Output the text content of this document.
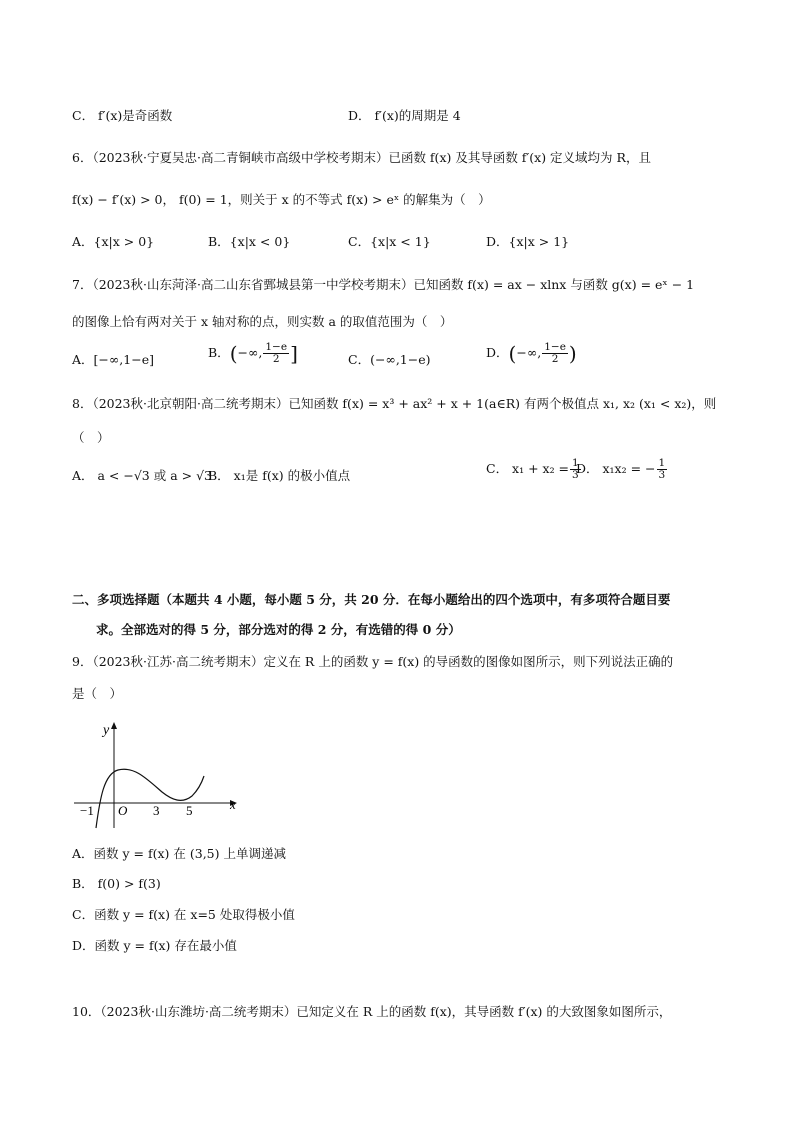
C． f′(x)是奇函数	D． f′(x)的周期是 4
6．（2023秋·宁夏吴忠·高二青铜峡市高级中学校考期末）已函数 f(x) 及其导函数 f′(x) 定义域均为 R，且
f(x) − f′(x) > 0， f(0) = 1，则关于 x 的不等式 f(x) > eˣ 的解集为（　）
A．{x|x > 0}	B．{x|x < 0}	C．{x|x < 1}	D．{x|x > 1}
7．（2023秋·山东菏泽·高二山东省鄄城县第一中学校考期末）已知函数 f(x) = ax − xlnx 与函数 g(x) = eˣ − 1
的图像上恰有两对关于 x 轴对称的点，则实数 a 的取值范围为（　）
A．[−∞,1−e]	B．(−∞, $\frac{1-e}{2}$ ]	C．(−∞,1−e)	D．(−∞, $\frac{1-e}{2}$ )
8．（2023秋·北京朝阳·高二统考期末）已知函数 f(x) = x³ + ax² + x + 1(a∈R) 有两个极值点 x₁, x₂ (x₁ < x₂)，则
（　）
A． a < −√3 或 a > √3
B． x₁是 f(x) 的极小值点	C． $x_1 + x_2 = \frac{1}{3}$
D． x₁x₂ = − $\frac{1}{3}$
二、多项选择题（本题共 4 小题，每小题 5 分，共 20 分．在每小题给出的四个选项中，有多项符合题目要
求。全部选对的得 5 分，部分选对的得 2 分，有选错的得 0 分）
9．（2023秋·江苏·高二统考期末）定义在 R 上的函数 y = f(x) 的导函数的图像如图所示，则下列说法正确的
是（　）
y
x
O
−1	3 5
A．函数 y = f(x) 在 (3,5) 上单调递减
B． f(0) > f(3)
C．函数 y = f(x) 在 x=5 处取得极小值
D．函数 y = f(x) 存在最小值
10．（2023秋·山东潍坊·高二统考期末）已知定义在 R 上的函数 f(x)，其导函数 f′(x) 的大致图象如图所示，
